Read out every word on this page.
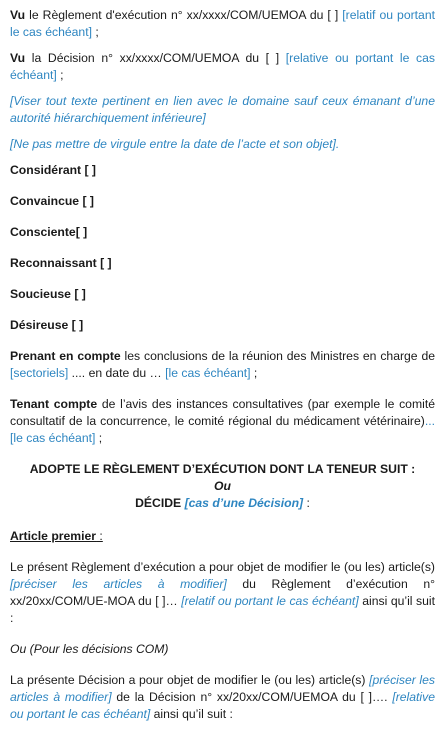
Vu le Règlement d'exécution n° xx/xxxx/COM/UEMOA du [ ] [relatif ou portant le cas échéant] ;

Vu la Décision n° xx/xxxx/COM/UEMOA du [ ] [relative ou portant le cas échéant] ;

[Viser tout texte pertinent en lien avec le domaine sauf ceux émanant d’une autorité hiérarchiquement inférieure]

[Ne pas mettre de virgule entre la date de l’acte et son objet].

Considérant [ ]

Convaincue [ ]

Consciente[ ]

Reconnaissant [ ]

Soucieuse [ ]

Désireuse [ ]

Prenant en compte les conclusions de la réunion des Ministres en charge de [sectoriels] .... en date du … [le cas échéant] ;

Tenant compte de l’avis des instances consultatives (par exemple le comité consultatif de la concurrence, le comité régional du médicament vétérinaire)...[le cas échéant] ;

ADOPTE LE RÈGLEMENT D’EXÉCUTION DONT LA TENEUR SUIT :

Ou

DÉCIDE [cas d’une Décision] :

Article premier :

Le présent Règlement d’exécution a pour objet de modifier le (ou les) article(s) [préciser les articles à modifier] du Règlement d’exécution n° xx/20xx/COM/UE-MOA du [ ]… [relatif ou portant le cas échéant] ainsi qu’il suit :

Ou (Pour les décisions COM)

La présente Décision a pour objet de modifier le (ou les) article(s) [préciser les articles à modifier] de la Décision n° xx/20xx/COM/UEMOA du [ ]…. [relative ou portant le cas échéant] ainsi qu’il suit :
